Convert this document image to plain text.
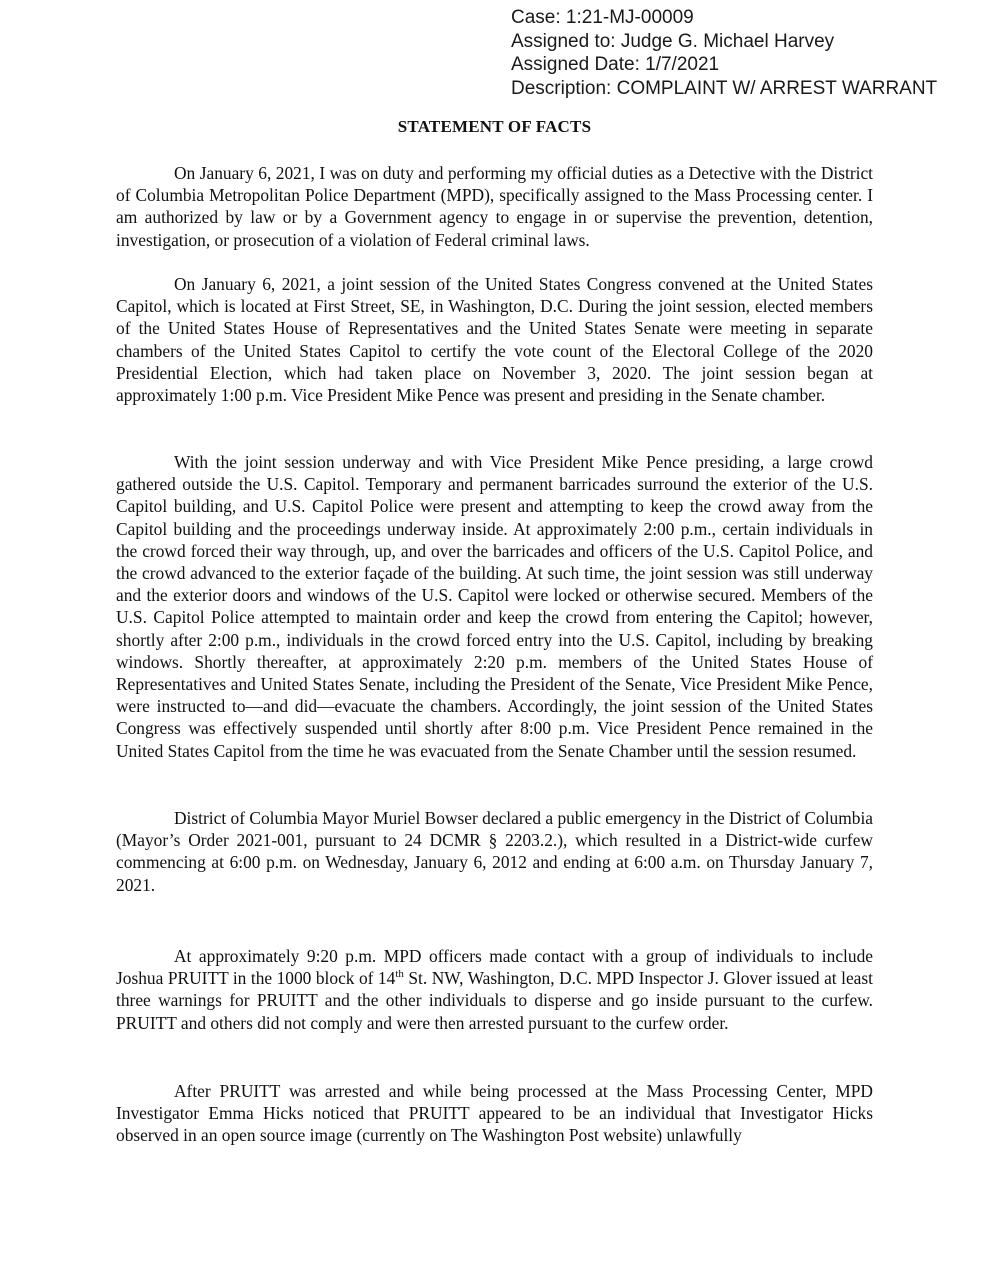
Case: 1:21-MJ-00009
Assigned to: Judge G. Michael Harvey
Assigned Date: 1/7/2021
Description: COMPLAINT W/ ARREST WARRANT
STATEMENT OF FACTS

On January 6, 2021, I was on duty and performing my official duties as a Detective with the District of Columbia Metropolitan Police Department (MPD), specifically assigned to the Mass Processing center. I am authorized by law or by a Government agency to engage in or supervise the prevention, detention, investigation, or prosecution of a violation of Federal criminal laws.

On January 6, 2021, a joint session of the United States Congress convened at the United States Capitol, which is located at First Street, SE, in Washington, D.C. During the joint session, elected members of the United States House of Representatives and the United States Senate were meeting in separate chambers of the United States Capitol to certify the vote count of the Electoral College of the 2020 Presidential Election, which had taken place on November 3, 2020. The joint session began at approximately 1:00 p.m. Vice President Mike Pence was present and presiding in the Senate chamber.

With the joint session underway and with Vice President Mike Pence presiding, a large crowd gathered outside the U.S. Capitol. Temporary and permanent barricades surround the exterior of the U.S. Capitol building, and U.S. Capitol Police were present and attempting to keep the crowd away from the Capitol building and the proceedings underway inside. At approximately 2:00 p.m., certain individuals in the crowd forced their way through, up, and over the barricades and officers of the U.S. Capitol Police, and the crowd advanced to the exterior façade of the building. At such time, the joint session was still underway and the exterior doors and windows of the U.S. Capitol were locked or otherwise secured. Members of the U.S. Capitol Police attempted to maintain order and keep the crowd from entering the Capitol; however, shortly after 2:00 p.m., individuals in the crowd forced entry into the U.S. Capitol, including by breaking windows. Shortly thereafter, at approximately 2:20 p.m. members of the United States House of Representatives and United States Senate, including the President of the Senate, Vice President Mike Pence, were instructed to—and did—evacuate the chambers. Accordingly, the joint session of the United States Congress was effectively suspended until shortly after 8:00 p.m. Vice President Pence remained in the United States Capitol from the time he was evacuated from the Senate Chamber until the session resumed.

District of Columbia Mayor Muriel Bowser declared a public emergency in the District of Columbia (Mayor’s Order 2021-001, pursuant to 24 DCMR § 2203.2.), which resulted in a District-wide curfew commencing at 6:00 p.m. on Wednesday, January 6, 2012 and ending at 6:00 a.m. on Thursday January 7, 2021.

At approximately 9:20 p.m. MPD officers made contact with a group of individuals to include Joshua PRUITT in the 1000 block of 14th St. NW, Washington, D.C. MPD Inspector J. Glover issued at least three warnings for PRUITT and the other individuals to disperse and go inside pursuant to the curfew. PRUITT and others did not comply and were then arrested pursuant to the curfew order.

After PRUITT was arrested and while being processed at the Mass Processing Center, MPD Investigator Emma Hicks noticed that PRUITT appeared to be an individual that Investigator Hicks observed in an open source image (currently on The Washington Post website) unlawfully
